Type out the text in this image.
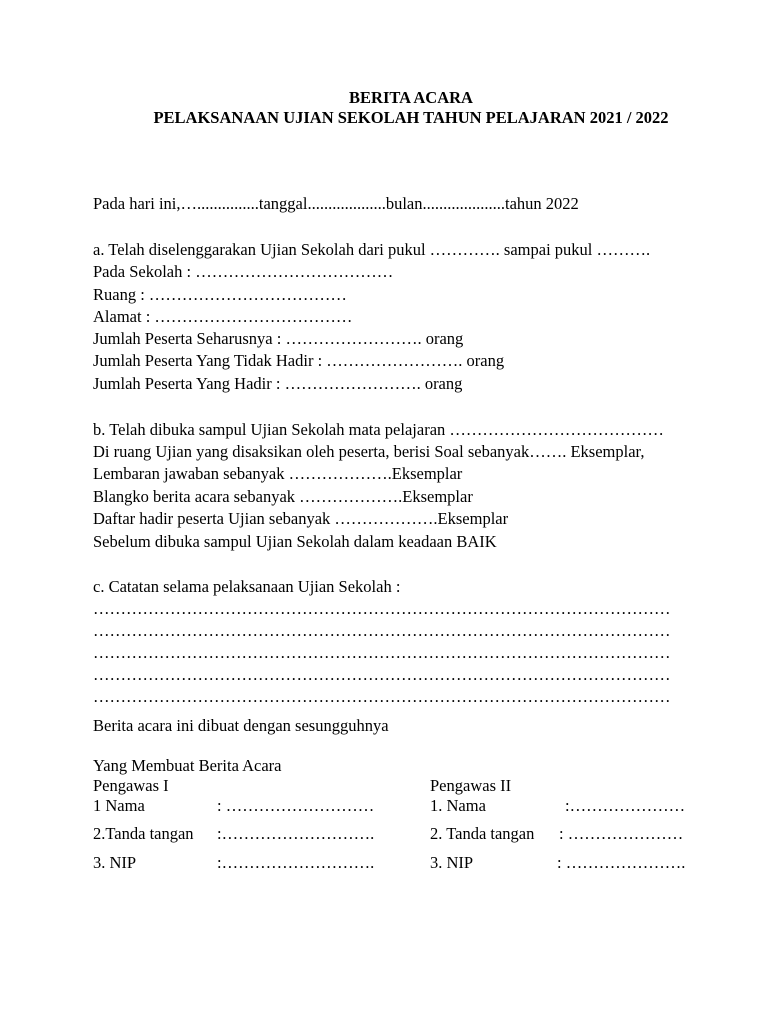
BERITA ACARA
PELAKSANAAN UJIAN SEKOLAH TAHUN PELAJARAN 2021 / 2022
Pada hari ini,…...............tanggal...................bulan....................tahun 2022
a. Telah diselenggarakan Ujian Sekolah dari pukul …………. sampai pukul ……….
Pada Sekolah : ………………………………
Ruang : ………………………………
Alamat : ………………………………
Jumlah Peserta Seharusnya : ……………………. orang
Jumlah Peserta Yang Tidak Hadir : ……………………. orang
Jumlah Peserta Yang Hadir : ……………………. orang
b. Telah dibuka sampul Ujian Sekolah mata pelajaran …………………………………
Di ruang Ujian yang disaksikan oleh peserta, berisi Soal sebanyak……. Eksemplar,
Lembaran jawaban sebanyak ……………….Eksemplar
Blangko berita acara sebanyak ……………….Eksemplar
Daftar hadir peserta Ujian sebanyak ……………….Eksemplar
Sebelum dibuka sampul Ujian Sekolah dalam keadaan BAIK
c. Catatan selama pelaksanaan Ujian Sekolah :
……………………………………………………………………………………………
……………………………………………………………………………………………
……………………………………………………………………………………………
……………………………………………………………………………………………
……………………………………………………………………………………………
Berita acara ini dibuat dengan sesungguhnya
Yang Membuat Berita Acara
Pengawas I	Pengawas II
1 Nama	: ………………………	1. Nama	:…………………
2.Tanda tangan :……………………….	2. Tanda tangan : …………………
3. NIP	:……………………….	3. NIP	: ………………….
